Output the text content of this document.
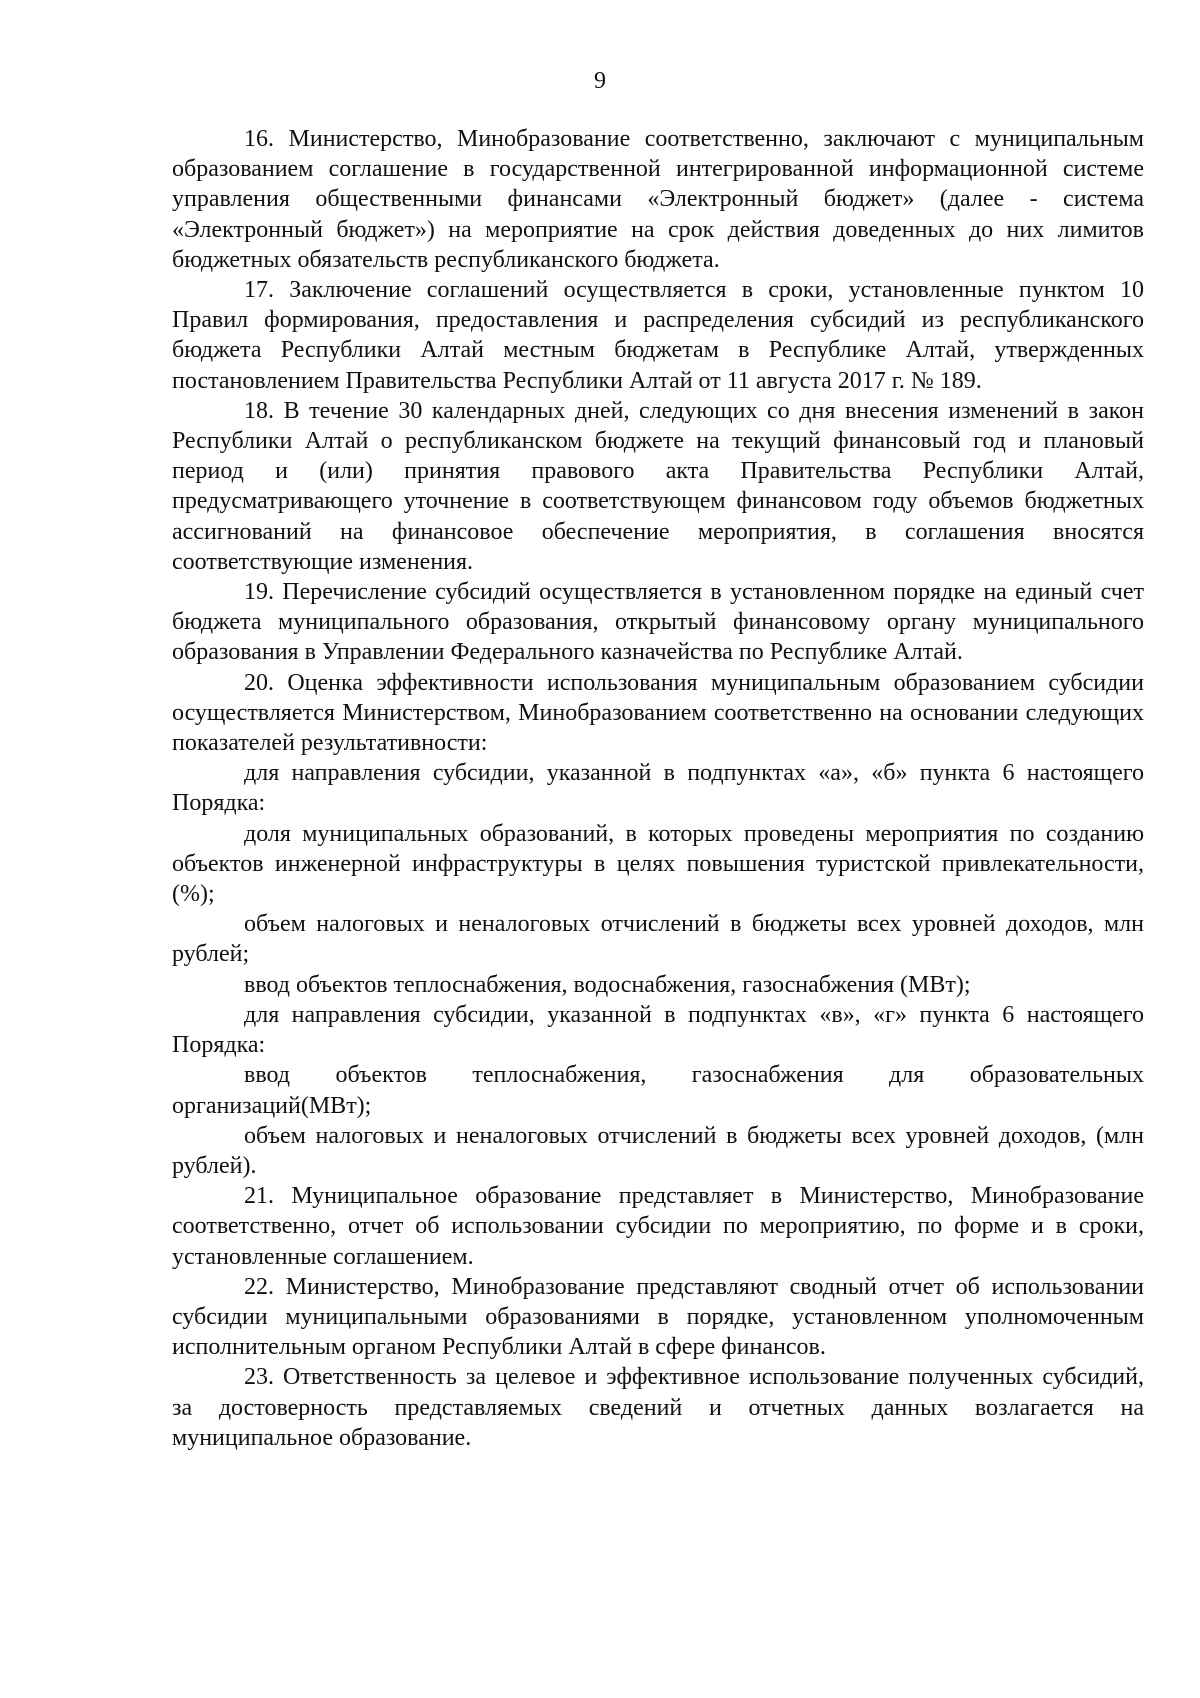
9

16. Министерство, Минобразование соответственно, заключают с муниципальным образованием соглашение в государственной интегрированной информационной системе управления общественными финансами «Электронный бюджет» (далее - система «Электронный бюджет») на мероприятие на срок действия доведенных до них лимитов бюджетных обязательств республиканского бюджета.

17. Заключение соглашений осуществляется в сроки, установленные пунктом 10 Правил формирования, предоставления и распределения субсидий из республиканского бюджета Республики Алтай местным бюджетам в Республике Алтай, утвержденных постановлением Правительства Республики Алтай от 11 августа 2017 г. № 189.

18. В течение 30 календарных дней, следующих со дня внесения изменений в закон Республики Алтай о республиканском бюджете на текущий финансовый год и плановый период и (или) принятия правового акта Правительства Республики Алтай, предусматривающего уточнение в соответствующем финансовом году объемов бюджетных ассигнований на финансовое обеспечение мероприятия, в соглашения вносятся соответствующие изменения.

19. Перечисление субсидий осуществляется в установленном порядке на единый счет бюджета муниципального образования, открытый финансовому органу муниципального образования в Управлении Федерального казначейства по Республике Алтай.

20. Оценка эффективности использования муниципальным образованием субсидии осуществляется Министерством, Минобразованием соответственно на основании следующих показателей результативности:

для направления субсидии, указанной в подпунктах «а», «б» пункта 6 настоящего Порядка:

доля муниципальных образований, в которых проведены мероприятия по созданию объектов инженерной инфраструктуры в целях повышения туристской привлекательности, (%);

объем налоговых и неналоговых отчислений в бюджеты всех уровней доходов, млн рублей;

ввод объектов теплоснабжения, водоснабжения, газоснабжения (МВт);

для направления субсидии, указанной в подпунктах «в», «г» пункта 6 настоящего Порядка:

ввод объектов теплоснабжения, газоснабжения для образовательных организаций(МВт);

объем налоговых и неналоговых отчислений в бюджеты всех уровней доходов, (млн рублей).

21. Муниципальное образование представляет в Министерство, Минобразование соответственно, отчет об использовании субсидии по мероприятию, по форме и в сроки, установленные соглашением.

22. Министерство, Минобразование представляют сводный отчет об использовании субсидии муниципальными образованиями в порядке, установленном уполномоченным исполнительным органом Республики Алтай в сфере финансов.

23. Ответственность за целевое и эффективное использование полученных субсидий, за достоверность представляемых сведений и отчетных данных возлагается на муниципальное образование.
